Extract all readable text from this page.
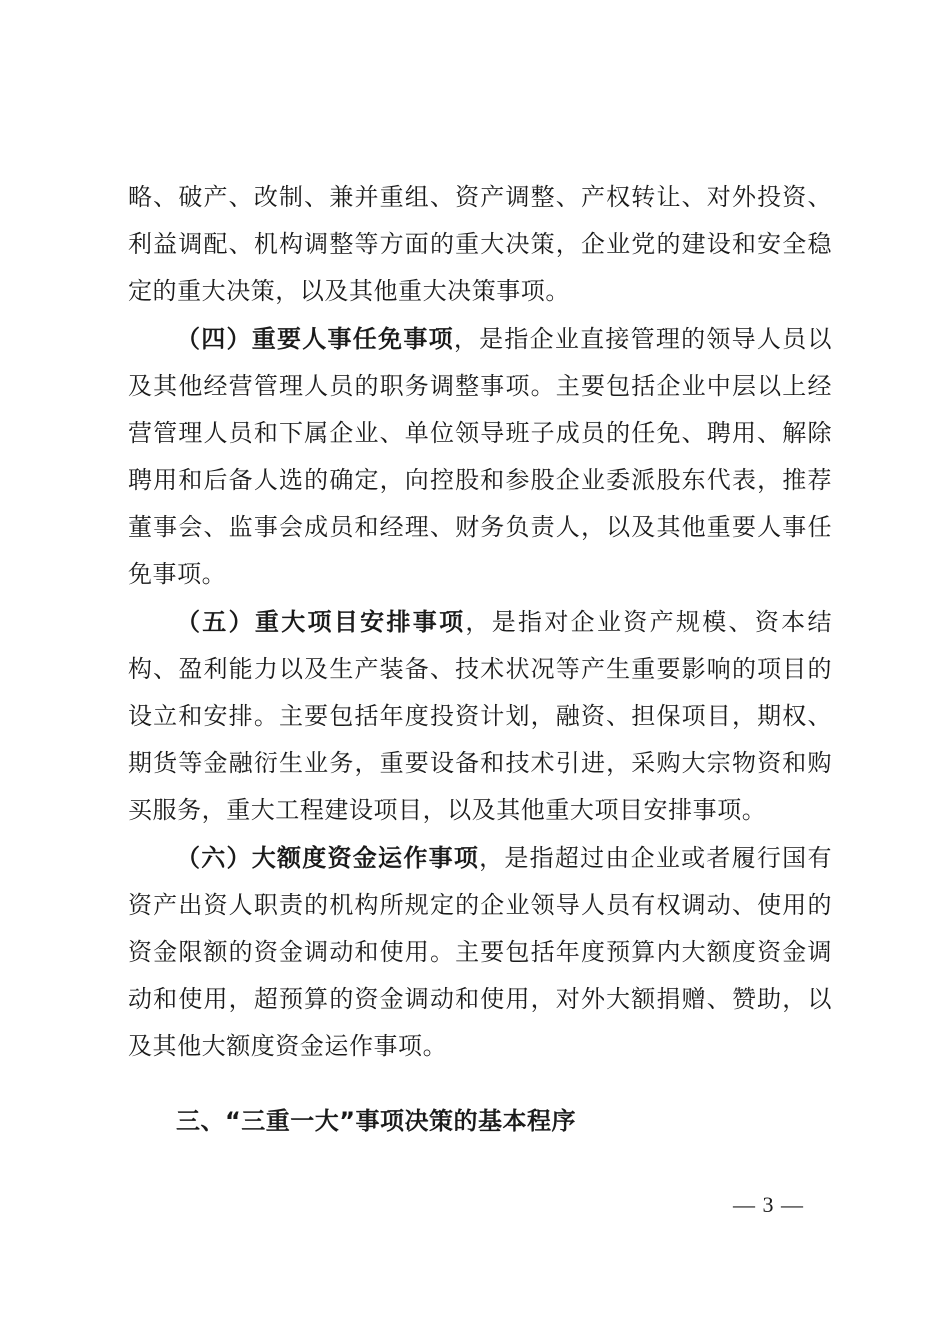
略、破产、改制、兼并重组、资产调整、产权转让、对外投资、利益调配、机构调整等方面的重大决策，企业党的建设和安全稳定的重大决策，以及其他重大决策事项。

（四）重要人事任免事项，是指企业直接管理的领导人员以及其他经营管理人员的职务调整事项。主要包括企业中层以上经营管理人员和下属企业、单位领导班子成员的任免、聘用、解除聘用和后备人选的确定，向控股和参股企业委派股东代表，推荐董事会、监事会成员和经理、财务负责人，以及其他重要人事任免事项。

（五）重大项目安排事项，是指对企业资产规模、资本结构、盈利能力以及生产装备、技术状况等产生重要影响的项目的设立和安排。主要包括年度投资计划，融资、担保项目，期权、期货等金融衍生业务，重要设备和技术引进，采购大宗物资和购买服务，重大工程建设项目，以及其他重大项目安排事项。

（六）大额度资金运作事项，是指超过由企业或者履行国有资产出资人职责的机构所规定的企业领导人员有权调动、使用的资金限额的资金调动和使用。主要包括年度预算内大额度资金调动和使用，超预算的资金调动和使用，对外大额捐赠、赞助，以及其他大额度资金运作事项。

三、“三重一大”事项决策的基本程序
— 3 —
